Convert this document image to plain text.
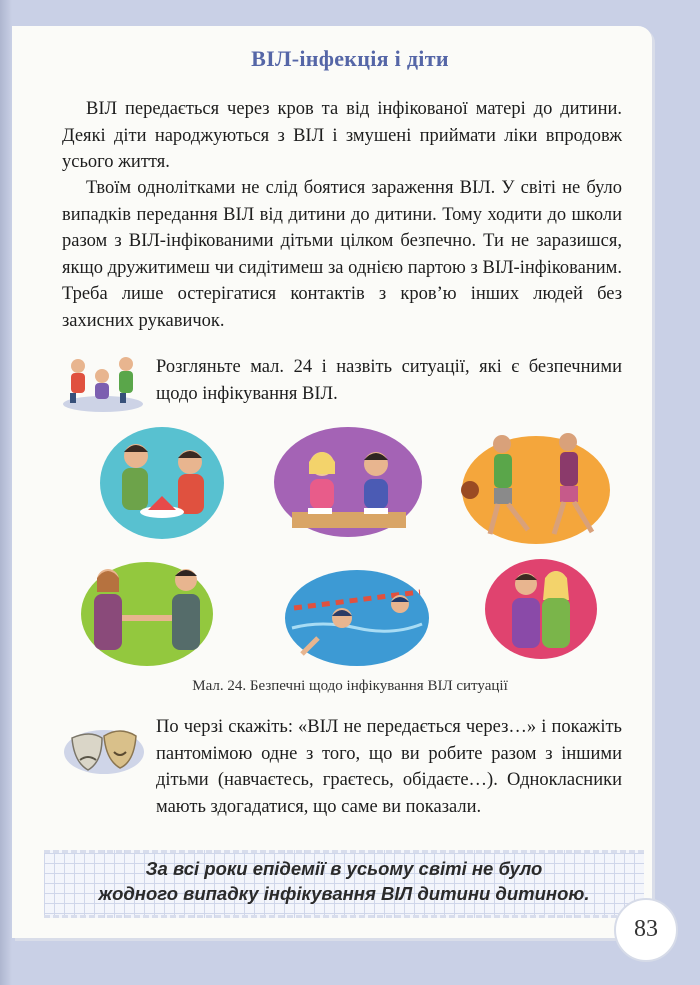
ВІЛ-інфекція і діти

ВІЛ передається через кров та від інфікованої матері до дитини. Деякі діти народжуються з ВІЛ і змушені приймати ліки впродовж усього життя.

Твоїм однолітками не слід боятися зараження ВІЛ. У світі не було випадків передання ВІЛ від дитини до дитини. Тому ходити до школи разом з ВІЛ-інфікованими дітьми цілком безпечно. Ти не заразишся, якщо дружитимеш чи сидітимеш за однією партою з ВІЛ-інфікованим. Треба лише остерігатися контактів з кров’ю інших людей без захисних рукавичок.

Розгляньте мал. 24 і назвіть ситуації, які є безпечними щодо інфікування ВІЛ.

Мал. 24. Безпечні щодо інфікування ВІЛ ситуації

По черзі скажіть: «ВІЛ не передається через…» і покажіть пантомімою одне з того, що ви робите разом з іншими дітьми (навчаєтесь, граєтесь, обідаєте…). Однокласники мають здогадатися, що саме ви показали.

За всі роки епідемії в усьому світі не було
жодного випадку інфікування ВІЛ дитини дитиною.
83
